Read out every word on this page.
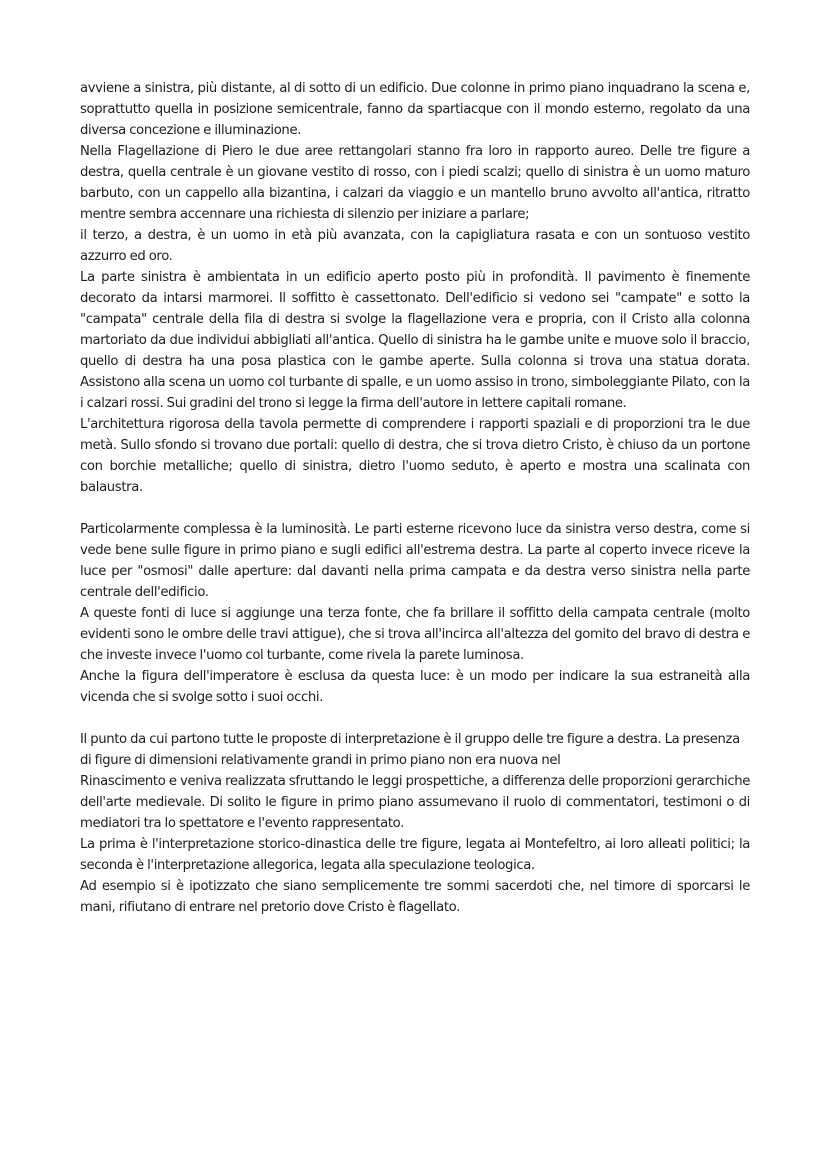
avviene a sinistra, più distante, al di sotto di un edificio. Due colonne in primo piano inquadrano la scena e, soprattutto quella in posizione semicentrale, fanno da spartiacque con il mondo esterno, regolato da una diversa concezione e illuminazione.

Nella Flagellazione di Piero le due aree rettangolari stanno fra loro in rapporto aureo. Delle tre figure a destra, quella centrale è un giovane vestito di rosso, con i piedi scalzi; quello di sinistra è un uomo maturo barbuto, con un cappello alla bizantina, i calzari da viaggio e un mantello bruno avvolto all'antica, ritratto mentre sembra accennare una richiesta di silenzio per iniziare a parlare;

il terzo, a destra, è un uomo in età più avanzata, con la capigliatura rasata e con un sontuoso vestito azzurro ed oro.

La parte sinistra è ambientata in un edificio aperto posto più in profondità. Il pavimento è finemente decorato da intarsi marmorei. Il soffitto è cassettonato. Dell'edificio si vedono sei "campate" e sotto la "campata" centrale della fila di destra si svolge la flagellazione vera e propria, con il Cristo alla colonna martoriato da due individui abbigliati all'antica. Quello di sinistra ha le gambe unite e muove solo il braccio, quello di destra ha una posa plastica con le gambe aperte. Sulla colonna si trova una statua dorata. Assistono alla scena un uomo col turbante di spalle, e un uomo assiso in trono, simboleggiante Pilato, con la i calzari rossi. Sui gradini del trono si legge la firma dell'autore in lettere capitali romane.

L'architettura rigorosa della tavola permette di comprendere i rapporti spaziali e di proporzioni tra le due metà. Sullo sfondo si trovano due portali: quello di destra, che si trova dietro Cristo, è chiuso da un portone con borchie metalliche; quello di sinistra, dietro l'uomo seduto, è aperto e mostra una scalinata con balaustra.

Particolarmente complessa è la luminosità. Le parti esterne ricevono luce da sinistra verso destra, come si vede bene sulle figure in primo piano e sugli edifici all'estrema destra. La parte al coperto invece riceve la luce per "osmosi" dalle aperture: dal davanti nella prima campata e da destra verso sinistra nella parte centrale dell'edificio.

A queste fonti di luce si aggiunge una terza fonte, che fa brillare il soffitto della campata centrale (molto evidenti sono le ombre delle travi attigue), che si trova all'incirca all'altezza del gomito del bravo di destra e che investe invece l'uomo col turbante, come rivela la parete luminosa.

Anche la figura dell'imperatore è esclusa da questa luce: è un modo per indicare la sua estraneità alla vicenda che si svolge sotto i suoi occhi.

Il punto da cui partono tutte le proposte di interpretazione è il gruppo delle tre figure a destra. La presenza di figure di dimensioni relativamente grandi in primo piano non era nuova nel

Rinascimento e veniva realizzata sfruttando le leggi prospettiche, a differenza delle proporzioni gerarchiche dell'arte medievale. Di solito le figure in primo piano assumevano il ruolo di commentatori, testimoni o di mediatori tra lo spettatore e l'evento rappresentato.

La prima è l'interpretazione storico-dinastica delle tre figure, legata ai Montefeltro, ai loro alleati politici; la seconda è l'interpretazione allegorica, legata alla speculazione teologica.

Ad esempio si è ipotizzato che siano semplicemente tre sommi sacerdoti che, nel timore di sporcarsi le mani, rifiutano di entrare nel pretorio dove Cristo è flagellato.
